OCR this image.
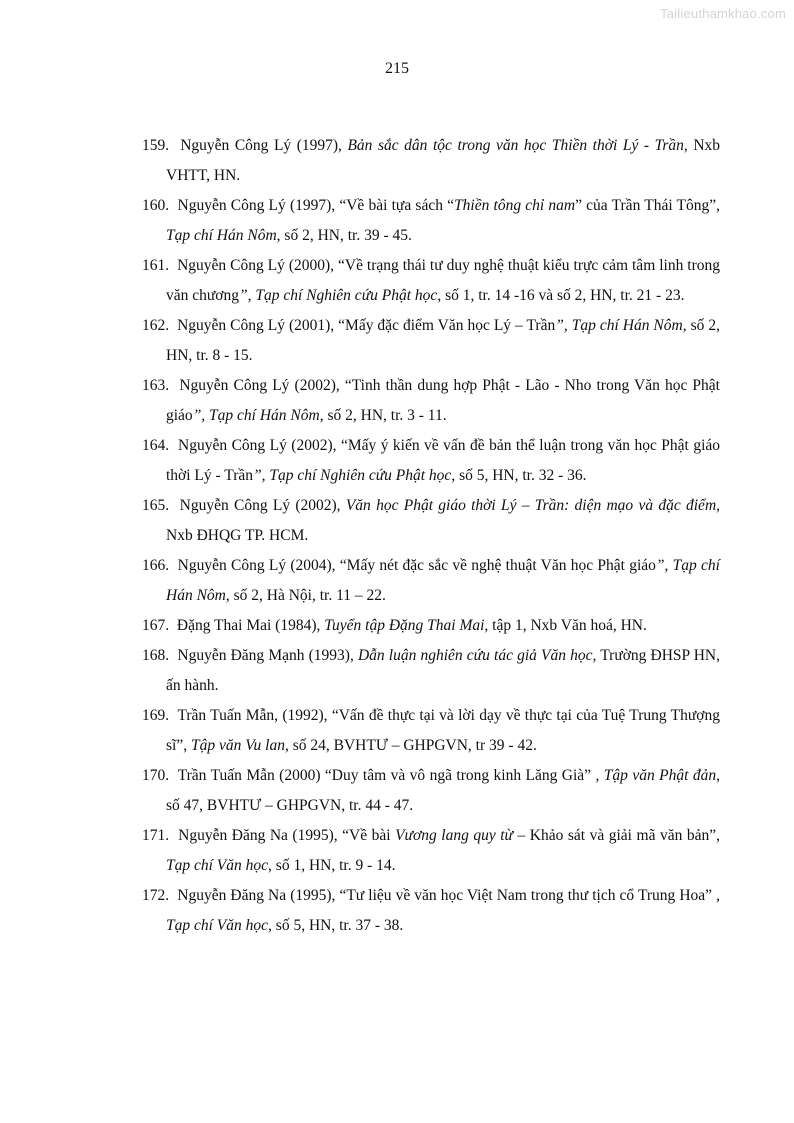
Tailieuthamkhao.com
215
159. Nguyễn Công Lý (1997), Bản sắc dân tộc trong văn học Thiền thời Lý - Trần, Nxb VHTT, HN.
160. Nguyễn Công Lý (1997), “Về bài tựa sách “Thiền tông chỉ nam” của Trần Thái Tông”, Tạp chí Hán Nôm, số 2, HN, tr. 39 - 45.
161. Nguyễn Công Lý (2000), “Về trạng thái tư duy nghệ thuật kiểu trực cảm tâm linh trong văn chương”, Tạp chí Nghiên cứu Phật học, số 1, tr. 14 -16 và số 2, HN, tr. 21 - 23.
162. Nguyễn Công Lý (2001), “Mấy đặc điểm Văn học Lý – Trần”, Tạp chí Hán Nôm, số 2, HN, tr. 8 - 15.
163. Nguyễn Công Lý (2002), “Tinh thần dung hợp Phật - Lão - Nho trong Văn học Phật giáo”, Tạp chí Hán Nôm, số 2, HN, tr. 3 - 11.
164. Nguyễn Công Lý (2002), “Mấy ý kiến về vấn đề bản thể luận trong văn học Phật giáo thời Lý - Trần”, Tạp chí Nghiên cứu Phật học, số 5, HN, tr. 32 - 36.
165. Nguyễn Công Lý (2002), Văn học Phật giáo thời Lý – Trần: diện mạo và đặc điểm, Nxb ĐHQG TP. HCM.
166. Nguyễn Công Lý (2004), “Mấy nét đặc sắc về nghệ thuật Văn học Phật giáo”, Tạp chí Hán Nôm, số 2, Hà Nội, tr. 11 – 22.
167. Đặng Thai Mai (1984), Tuyển tập Đặng Thai Mai, tập 1, Nxb Văn hoá, HN.
168. Nguyễn Đăng Mạnh (1993), Dẫn luận nghiên cứu tác giả Văn học, Trường ĐHSP HN, ấn hành.
169. Trần Tuấn Mẫn, (1992), “Vấn đề thực tại và lời dạy về thực tại của Tuệ Trung Thượng sĩ”, Tập văn Vu lan, số 24, BVHTƯ – GHPGVN, tr 39 - 42.
170. Trần Tuấn Mẫn (2000) “Duy tâm và vô ngã trong kinh Lăng Già” , Tập văn Phật đản, số 47, BVHTƯ – GHPGVN, tr. 44 - 47.
171. Nguyễn Đăng Na (1995), “Về bài Vương lang quy từ – Khảo sát và giải mã văn bản”, Tạp chí Văn học, số 1, HN, tr. 9 - 14.
172. Nguyễn Đăng Na (1995), “Tư liệu về văn học Việt Nam trong thư tịch cổ Trung Hoa” , Tạp chí Văn học, số 5, HN, tr. 37 - 38.
